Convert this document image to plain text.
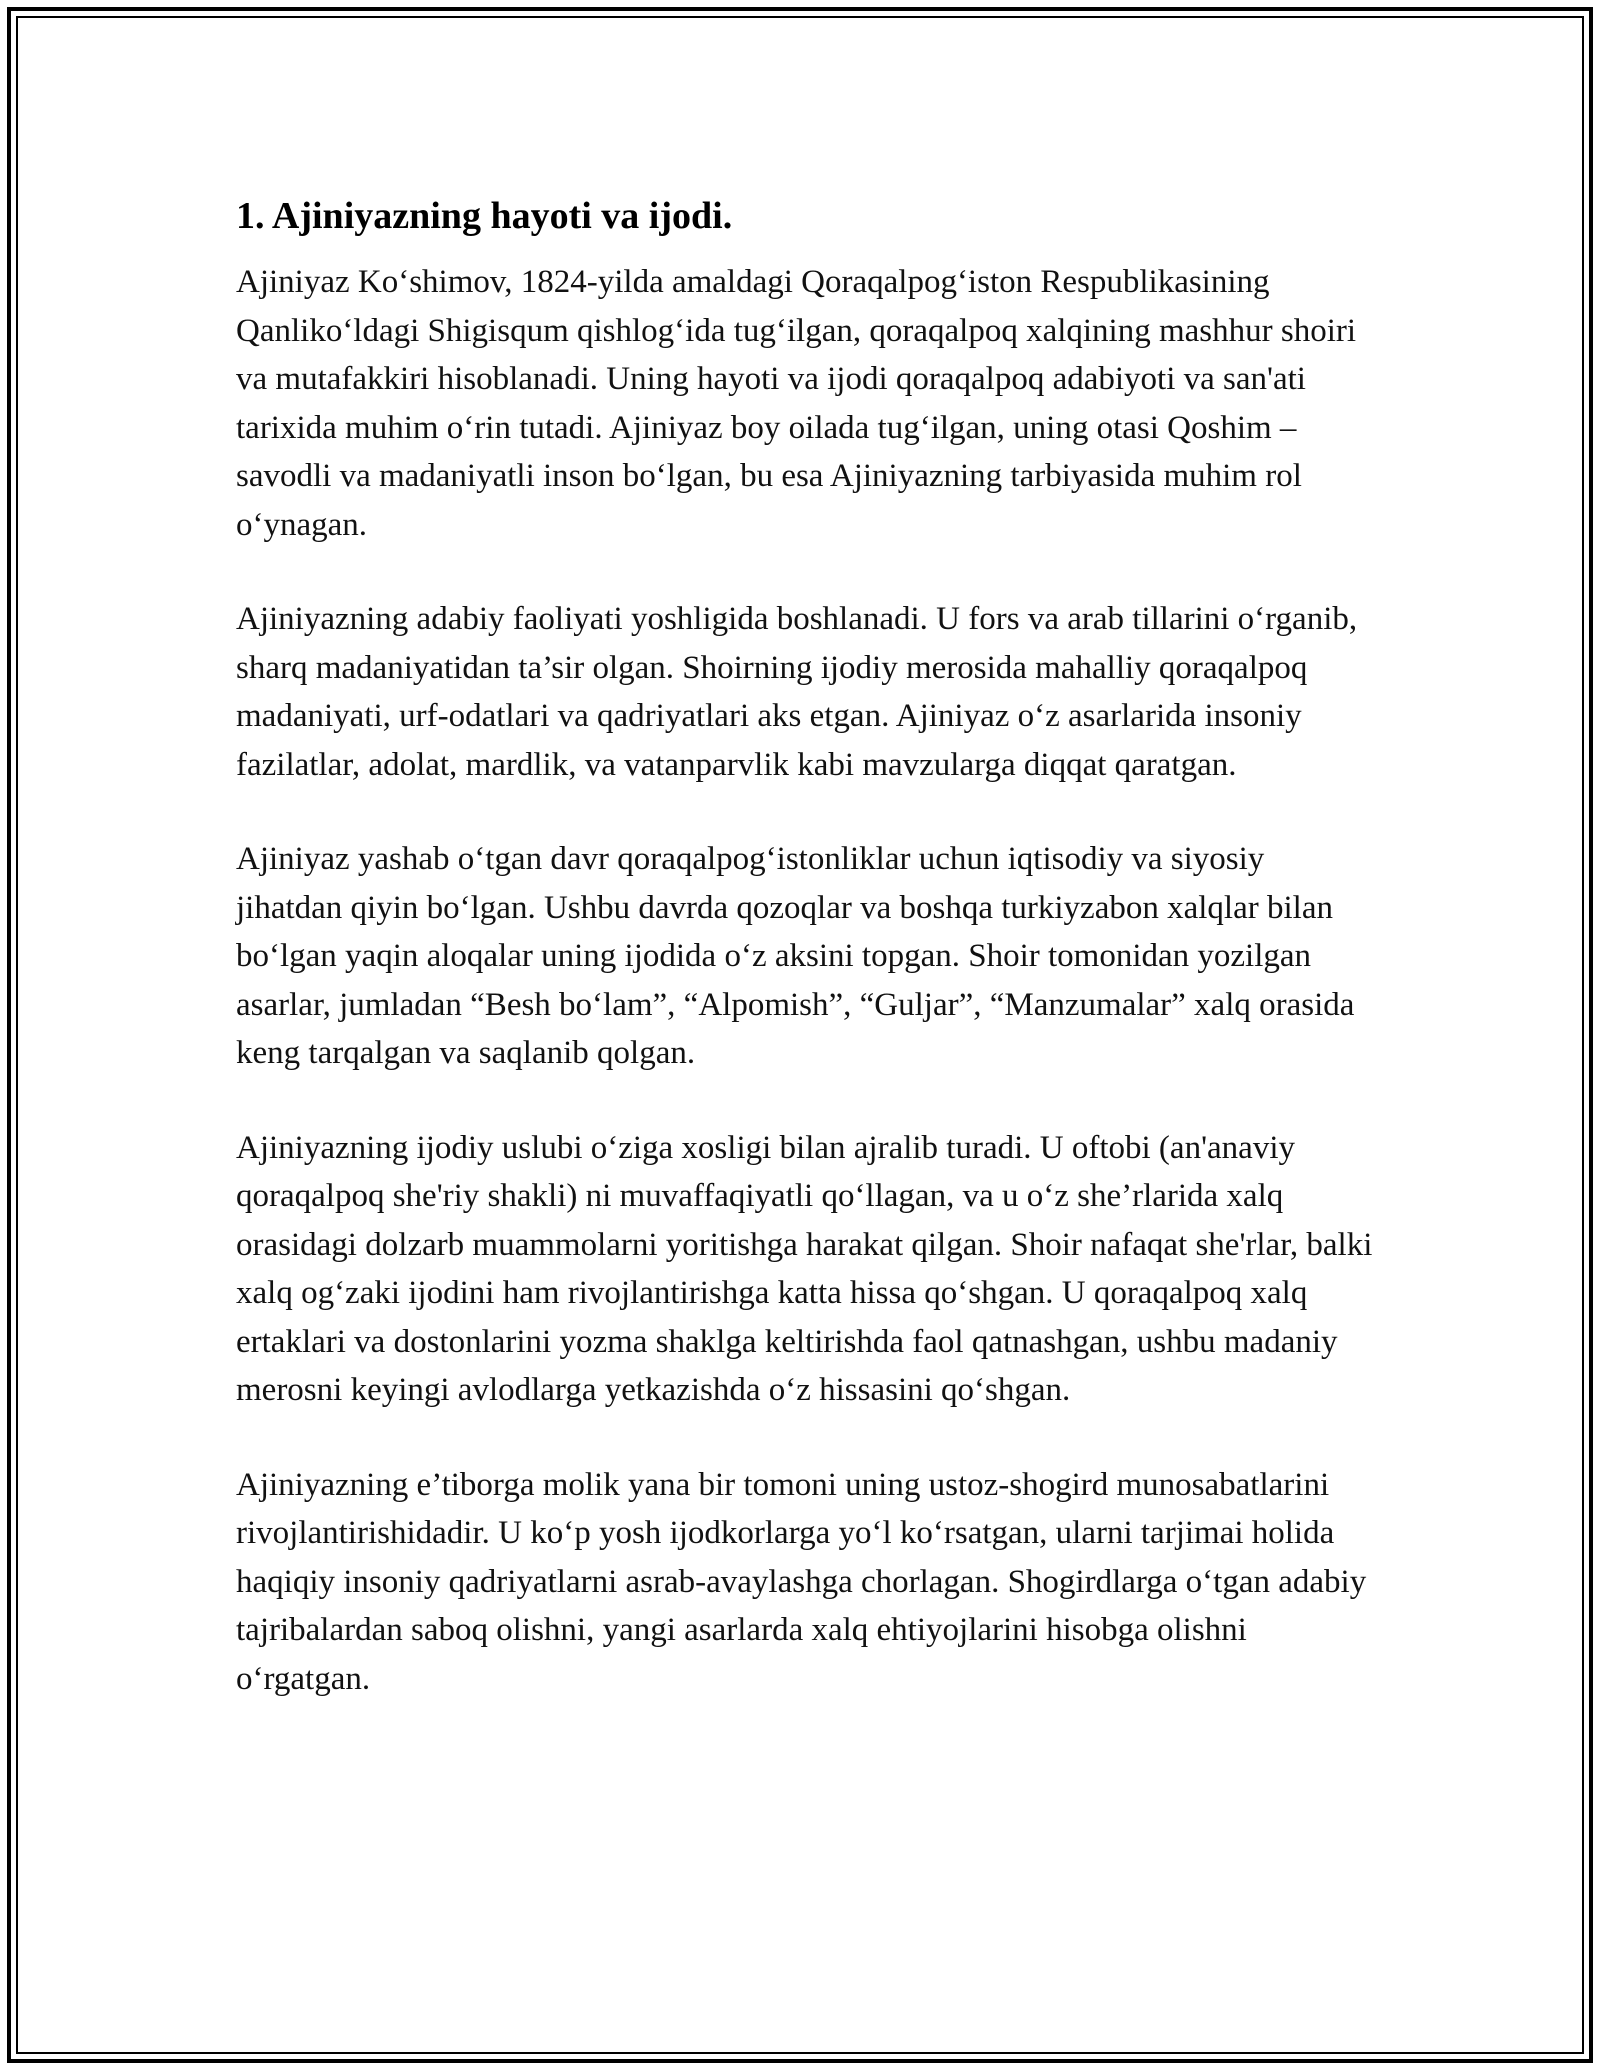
1. Ajiniyazning hayoti va ijodi.

Ajiniyaz Ko‘shimov, 1824-yilda amaldagi Qoraqalpog‘iston Respublikasining Qanliko‘ldagi Shigisqum qishlog‘ida tug‘ilgan, qoraqalpoq xalqining mashhur shoiri va mutafakkiri hisoblanadi. Uning hayoti va ijodi qoraqalpoq adabiyoti va san'ati tarixida muhim o‘rin tutadi. Ajiniyaz boy oilada tug‘ilgan, uning otasi Qoshim – savodli va madaniyatli inson bo‘lgan, bu esa Ajiniyazning tarbiyasida muhim rol o‘ynagan.

Ajiniyazning adabiy faoliyati yoshligida boshlanadi. U fors va arab tillarini o‘rganib, sharq madaniyatidan ta’sir olgan. Shoirning ijodiy merosida mahalliy qoraqalpoq madaniyati, urf-odatlari va qadriyatlari aks etgan. Ajiniyaz o‘z asarlarida insoniy fazilatlar, adolat, mardlik, va vatanparvlik kabi mavzularga diqqat qaratgan.

Ajiniyaz yashab o‘tgan davr qoraqalpog‘istonliklar uchun iqtisodiy va siyosiy jihatdan qiyin bo‘lgan. Ushbu davrda qozoqlar va boshqa turkiyzabon xalqlar bilan bo‘lgan yaqin aloqalar uning ijodida o‘z aksini topgan. Shoir tomonidan yozilgan asarlar, jumladan “Besh bo‘lam”, “Alpomish”, “Guljar”, “Manzumalar” xalq orasida keng tarqalgan va saqlanib qolgan.

Ajiniyazning ijodiy uslubi o‘ziga xosligi bilan ajralib turadi. U oftobi (an'anaviy qoraqalpoq she'riy shakli) ni muvaffaqiyatli qo‘llagan, va u o‘z she’rlarida xalq orasidagi dolzarb muammolarni yoritishga harakat qilgan. Shoir nafaqat she'rlar, balki xalq og‘zaki ijodini ham rivojlantirishga katta hissa qo‘shgan. U qoraqalpoq xalq ertaklari va dostonlarini yozma shaklga keltirishda faol qatnashgan, ushbu madaniy merosni keyingi avlodlarga yetkazishda o‘z hissasini qo‘shgan.

Ajiniyazning e’tiborga molik yana bir tomoni uning ustoz-shogird munosabatlarini rivojlantirishidadir. U ko‘p yosh ijodkorlarga yo‘l ko‘rsatgan, ularni tarjimai holida haqiqiy insoniy qadriyatlarni asrab-avaylashga chorlagan. Shogirdlarga o‘tgan adabiy tajribalardan saboq olishni, yangi asarlarda xalq ehtiyojlarini hisobga olishni o‘rgatgan.
